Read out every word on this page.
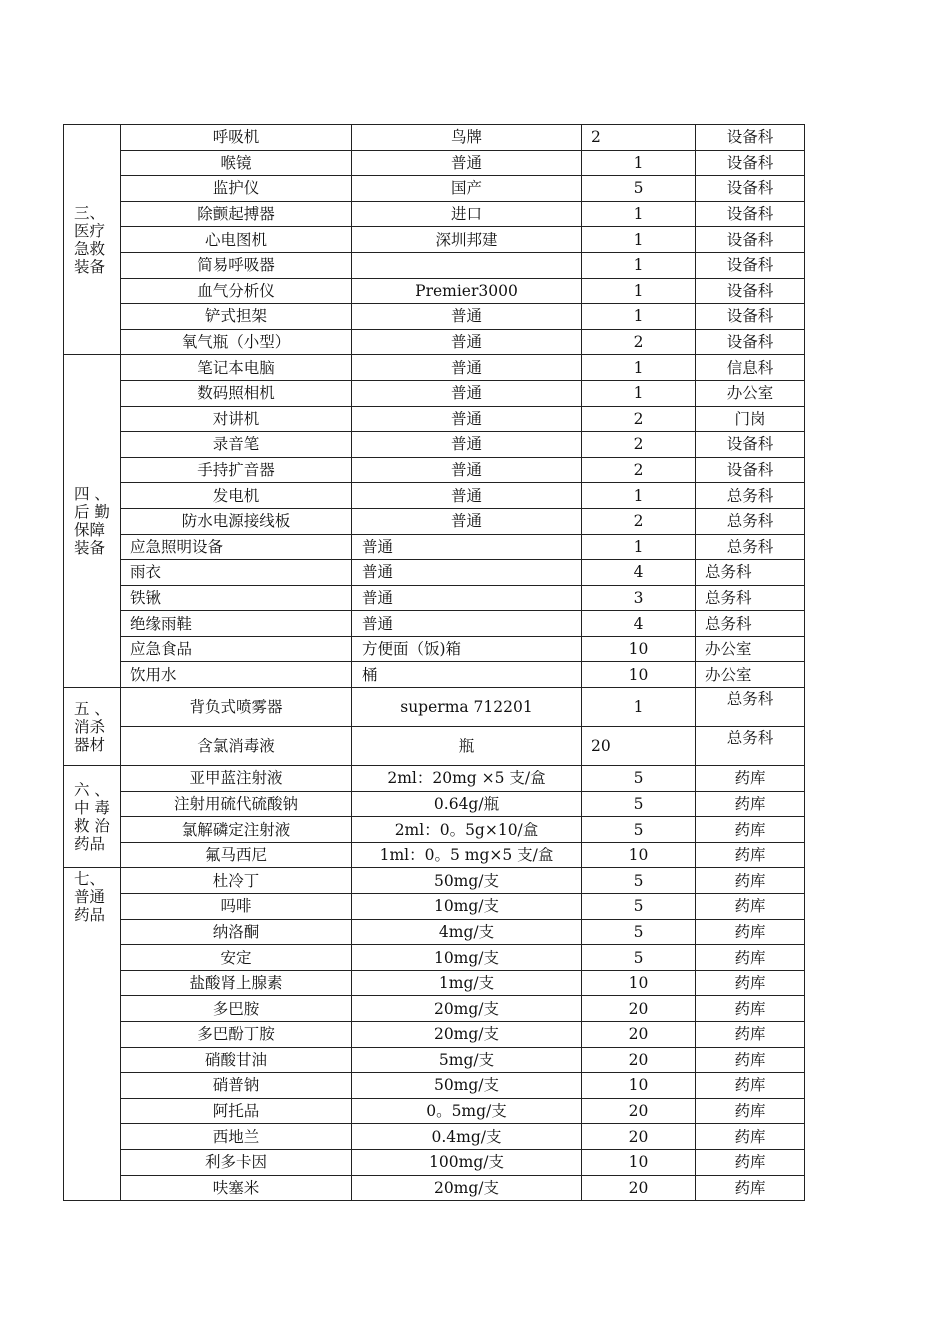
三、
医疗
急救
装备	呼吸机	鸟牌	2	设备科
	喉镜	普通	1	设备科
	监护仪	国产	5	设备科
	除颤起搏器	进口	1	设备科
	心电图机	深圳邦建	1	设备科
	简易呼吸器		1	设备科
	血气分析仪	Premier3000	1	设备科
	铲式担架	普通	1	设备科
	氧气瓶（小型）	普通	2	设备科

四 、
后 勤
保障
装备	笔记本电脑	普通	1	信息科
	数码照相机	普通	1	办公室
	对讲机	普通	2	门岗
	录音笔	普通	2	设备科
	手持扩音器	普通	2	设备科
	发电机	普通	1	总务科
	防水电源接线板	普通	2	总务科
	应急照明设备	普通	1	总务科
	雨衣	普通	4	总务科
	铁锹	普通	3	总务科
	绝缘雨鞋	普通	4	总务科
	应急食品	方便面（饭)箱	10	办公室
	饮用水	桶	10	办公室

五 、
消杀
器材	背负式喷雾器	superma 712201	1	总务科
	含氯消毒液	瓶	20	总务科

六 、
中 毒
救 治
药品	亚甲蓝注射液	2ml：20mg ×5 支/盒	5	药库
	注射用硫代硫酸钠	0.64g/瓶	5	药库
	氯解磷定注射液	2ml：0。5g×10/盒	5	药库
	氟马西尼	1ml：0。5 mg×5 支/盒	10	药库

七、
普通
药品	杜冷丁	50mg/支	5	药库
	吗啡	10mg/支	5	药库
	纳洛酮	4mg/支	5	药库
	安定	10mg/支	5	药库
	盐酸肾上腺素	1mg/支	10	药库
	多巴胺	20mg/支	20	药库
	多巴酚丁胺	20mg/支	20	药库
	硝酸甘油	5mg/支	20	药库
	硝普钠	50mg/支	10	药库
	阿托品	0。5mg/支	20	药库
	西地兰	0.4mg/支	20	药库
	利多卡因	100mg/支	10	药库
	呋塞米	20mg/支	20	药库
